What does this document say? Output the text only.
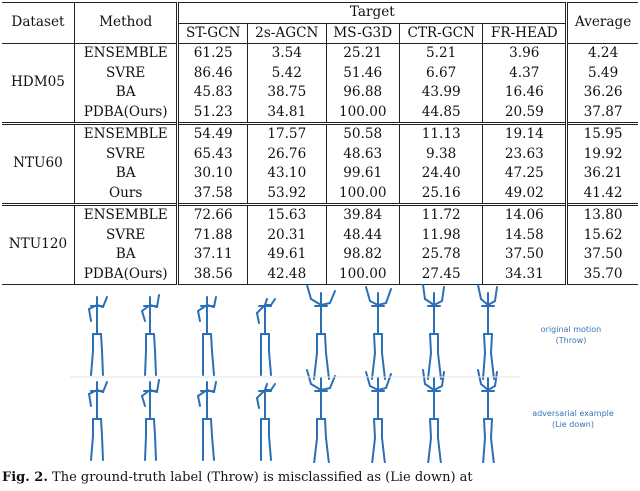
Dataset	Method	Target					Average
		ST-GCN	2s-AGCN	MS-G3D	CTR-GCN	FR-HEAD	
HDM05	ENSEMBLE	61.25	3.54	25.21	5.21	3.96	4.24
	SVRE	86.46	5.42	51.46	6.67	4.37	5.49
	BA	45.83	38.75	96.88	43.99	16.46	36.26
	PDBA(Ours)	51.23	34.81	100.00	44.85	20.59	37.87
NTU60	ENSEMBLE	54.49	17.57	50.58	11.13	19.14	15.95
	SVRE	65.43	26.76	48.63	9.38	23.63	19.92
	BA	30.10	43.10	99.61	24.40	47.25	36.21
	Ours	37.58	53.92	100.00	25.16	49.02	41.42
NTU120	ENSEMBLE	72.66	15.63	39.84	11.72	14.06	13.80
	SVRE	71.88	20.31	48.44	11.98	14.58	15.62
	BA	37.11	49.61	98.82	25.78	37.50	37.50
	PDBA(Ours)	38.56	42.48	100.00	27.45	34.31	35.70
original motion
(Throw)
adversarial example
(Lie down)
Fig. 2. The ground-truth label (Throw) is misclassified as (Lie down) at
